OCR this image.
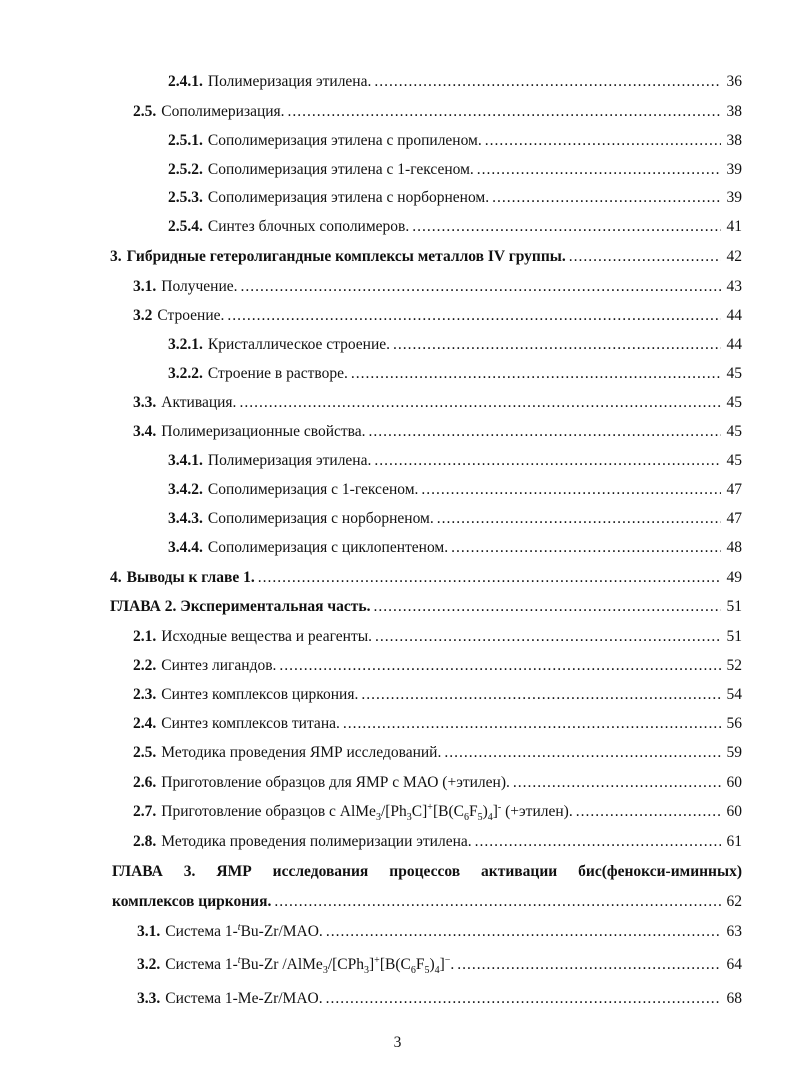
2.4.1. Полимеризация этилена. .....	36
2.5. Сополимеризация. .....	38
2.5.1. Сополимеризация этилена с пропиленом. .....	38
2.5.2. Сополимеризация этилена с 1-гексеном. .....	39
2.5.3. Сополимеризация этилена с норборненом. .....	39
2.5.4. Синтез блочных сополимеров. .....	41
3. Гибридные гетеролигандные комплексы металлов IV группы. .....	42
3.1. Получение. .....	43
3.2 Строение. .....	44
3.2.1. Кристаллическое строение. .....	44
3.2.2. Строение в растворе. .....	45
3.3. Активация. .....	45
3.4. Полимеризационные свойства. .....	45
3.4.1. Полимеризация этилена. .....	45
3.4.2. Сополимеризация с 1-гексеном. .....	47
3.4.3. Сополимеризация с норборненом. .....	47
3.4.4. Сополимеризация с циклопентеном. .....	48
4. Выводы к главе 1. .....	49
ГЛАВА 2. Экспериментальная часть. .....	51
2.1. Исходные вещества и реагенты. .....	51
2.2. Синтез лигандов. .....	52
2.3. Синтез комплексов циркония. .....	54
2.4. Синтез комплексов титана. .....	56
2.5. Методика проведения ЯМР исследований. .....	59
2.6. Приготовление образцов для ЯМР с МАО (+этилен). .....	60
2.7. Приготовление образцов с $AlMe_3/[Ph_3C]^+[B(C_6F_5)_4]^-$ (+этилен). .....	60
2.8. Методика проведения полимеризации этилена. .....	61
ГЛАВА 3. ЯМР исследования процессов активации бис(фенокси-иминных)
комплексов циркония. .....	62
3.1. Система 1-$^t$Bu-Zr/MAO. .....	63
3.2. Система 1-$^t$Bu-Zr $/AlMe_3/[CPh_3]^+[B(C_6F_5)_4]^-$. .....	64
3.3. Система 1-Me-Zr/MAO. .....	68
3
